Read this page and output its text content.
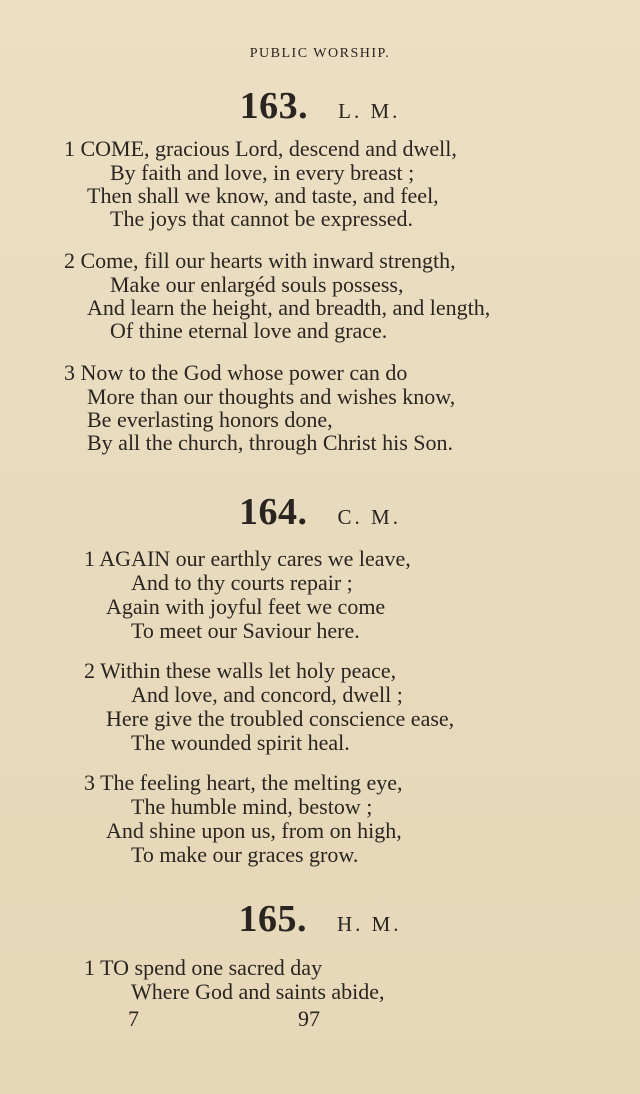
PUBLIC WORSHIP.
163. L. M.
1 COME, gracious Lord, descend and dwell,
By faith and love, in every breast ;
Then shall we know, and taste, and feel,
The joys that cannot be expressed.
2 Come, fill our hearts with inward strength,
Make our enlargéd souls possess,
And learn the height, and breadth, and length,
Of thine eternal love and grace.
3 Now to the God whose power can do
More than our thoughts and wishes know,
Be everlasting honors done,
By all the church, through Christ his Son.
164. C. M.
1 AGAIN our earthly cares we leave,
And to thy courts repair ;
Again with joyful feet we come
To meet our Saviour here.
2 Within these walls let holy peace,
And love, and concord, dwell ;
Here give the troubled conscience ease,
The wounded spirit heal.
3 The feeling heart, the melting eye,
The humble mind, bestow ;
And shine upon us, from on high,
To make our graces grow.
165. H. M.
1 TO spend one sacred day
Where God and saints abide,
7	97
